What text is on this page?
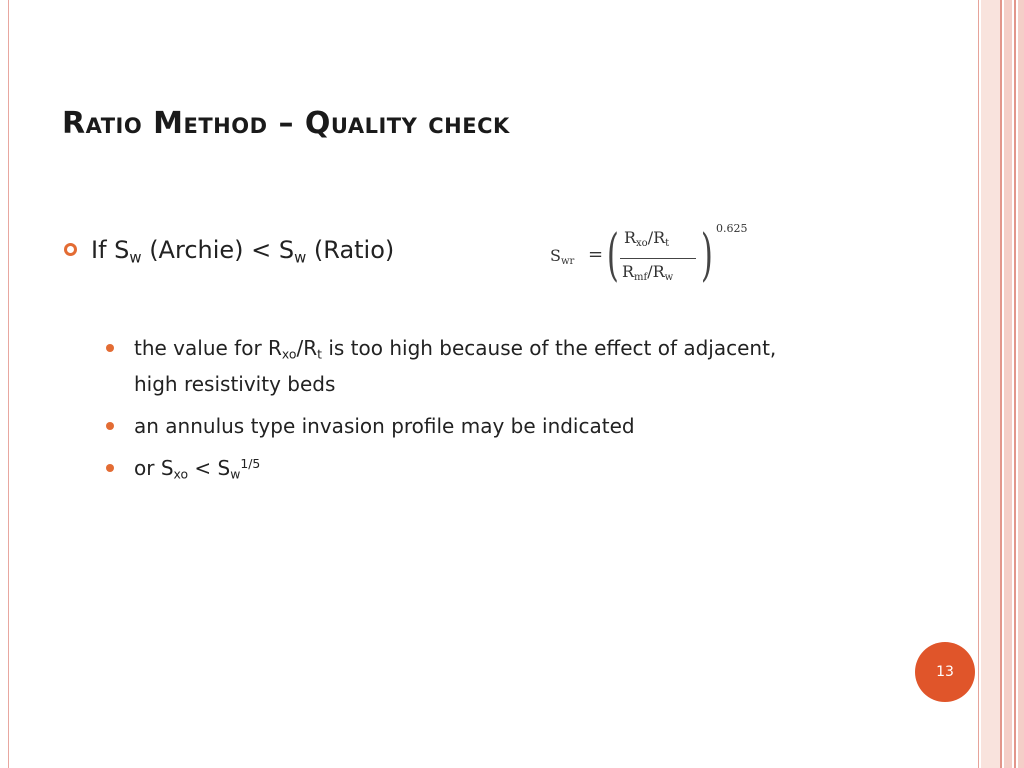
Ratio Method – Quality check
If $S_w$ (Archie) < $S_w$ (Ratio)	$S_{wr}$ = ( $R_{xo}/R_t$
$R_{mf}/R_w$ ) 0.625
the value for $R_{xo}/R_t$ is too high because of the effect of adjacent, high resistivity beds
an annulus type invasion profile may be indicated
or $S_{xo} < S_w^{1/5}$
13
